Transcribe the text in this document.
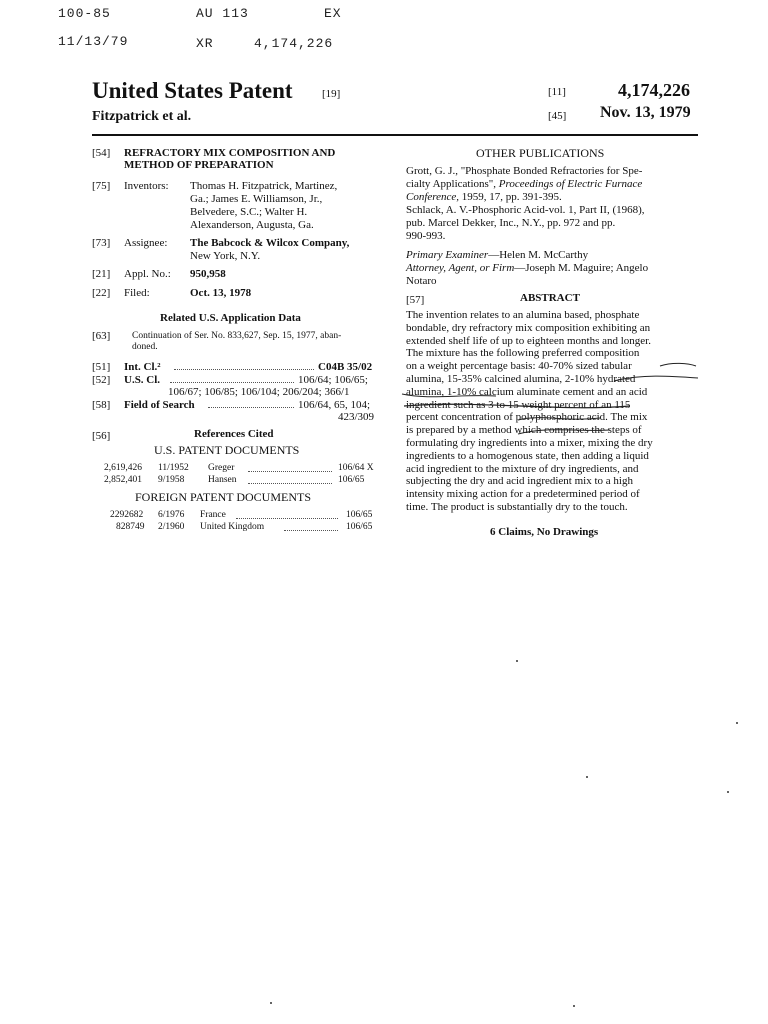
100-85	AU 113	EX
11/13/79	XR	4,174,226
United States Patent	[19]
Fitzpatrick et al.
[11]	4,174,226
[45] Nov. 13, 1979
[54] REFRACTORY MIX COMPOSITION AND
METHOD OF PREPARATION
[75] Inventors: Thomas H. Fitzpatrick, Martinez,
Ga.; James E. Williamson, Jr.,
Belvedere, S.C.; Walter H.
Alexanderson, Augusta, Ga.
[73] Assignee: The Babcock & Wilcox Company,
New York, N.Y.
[21] Appl. No.: 950,958
[22] Filed:	Oct. 13, 1978
Related U.S. Application Data
[63] Continuation of Ser. No. 833,627, Sep. 15, 1977, aban-
doned.
[51] Int. Cl.²	C04B 35/02
[52] U.S. Cl.	106/64; 106/65;
106/67; 106/85; 106/104; 206/204; 366/1
[58] Field of Search	106/64, 65, 104;
423/309
[56]	References Cited
U.S. PATENT DOCUMENTS
2,619,426 11/1952 Greger	106/64 X
2,852,401 9/1958 Hansen	106/65
FOREIGN PATENT DOCUMENTS
2292682 6/1976 France	106/65
828749 2/1960 United Kingdom	106/65
OTHER PUBLICATIONS
Grott, G. J., "Phosphate Bonded Refractories for Spe-
cialty Applications", Proceedings of Electric Furnace
Conference, 1959, 17, pp. 391-395.
Schlack, A. V.-Phosphoric Acid-vol. 1, Part II, (1968),
pub. Marcel Dekker, Inc., N.Y., pp. 972 and pp.
990-993.
Primary Examiner—Helen M. McCarthy
Attorney, Agent, or Firm—Joseph M. Maguire; Angelo
Notaro
[57]	ABSTRACT
The invention relates to an alumina based, phosphate
bondable, dry refractory mix composition exhibiting an
extended shelf life of up to eighteen months and longer.
The mixture has the following preferred composition
on a weight percentage basis: 40-70% sized tabular
alumina, 15-35% calcined alumina, 2-10% hydrated
alumina, 1-10% calcium aluminate cement and an acid
ingredient such as 3 to 15 weight percent of an 115
percent concentration of polyphosphoric acid. The mix
is prepared by a method which comprises the steps of
formulating dry ingredients into a mixer, mixing the dry
ingredients to a homogenous state, then adding a liquid
acid ingredient to the mixture of dry ingredients, and
subjecting the dry and acid ingredient mix to a high
intensity mixing action for a predetermined period of
time. The product is substantially dry to the touch.
6 Claims, No Drawings
